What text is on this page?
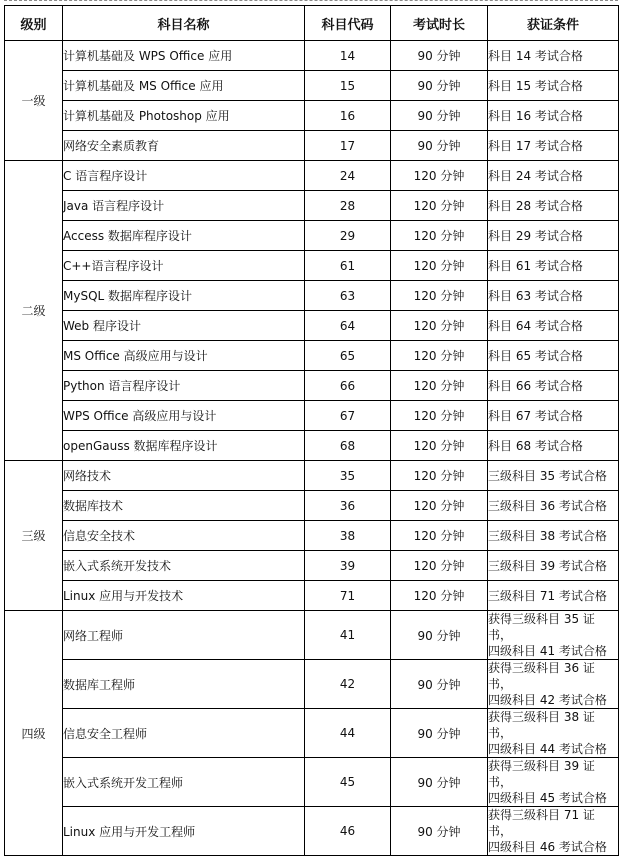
级别	科目名称	科目代码	考试时长	获证条件
一级	计算机基础及 WPS Office 应用	14	90 分钟	科目 14 考试合格

	计算机基础及 MS Office 应用	15	90 分钟	科目 15 考试合格

	计算机基础及 Photoshop 应用	16	90 分钟	科目 16 考试合格

	网络安全素质教育	17	90 分钟	科目 17 考试合格

二级	C 语言程序设计	24	120 分钟	科目 24 考试合格

	Java 语言程序设计	28	120 分钟	科目 28 考试合格

	Access 数据库程序设计	29	120 分钟	科目 29 考试合格

	C++语言程序设计	61	120 分钟	科目 61 考试合格

	MySQL 数据库程序设计	63	120 分钟	科目 63 考试合格

	Web 程序设计	64	120 分钟	科目 64 考试合格

	MS Office 高级应用与设计	65	120 分钟	科目 65 考试合格

	Python 语言程序设计	66	120 分钟	科目 66 考试合格

	WPS Office 高级应用与设计	67	120 分钟	科目 67 考试合格

	openGauss 数据库程序设计	68	120 分钟	科目 68 考试合格

三级	网络技术	35	120 分钟	三级科目 35 考试合格

	数据库技术	36	120 分钟	三级科目 36 考试合格

	信息安全技术	38	120 分钟	三级科目 38 考试合格

	嵌入式系统开发技术	39	120 分钟	三级科目 39 考试合格

	Linux 应用与开发技术	71	120 分钟	三级科目 71 考试合格

四级	网络工程师	41	90 分钟	获得三级科目 35 证书，
四级科目 41 考试合格

	数据库工程师	42	90 分钟	获得三级科目 36 证书，
四级科目 42 考试合格

	信息安全工程师	44	90 分钟	获得三级科目 38 证书，
四级科目 44 考试合格

	嵌入式系统开发工程师	45	90 分钟	获得三级科目 39 证书，
四级科目 45 考试合格

	Linux 应用与开发工程师	46	90 分钟	获得三级科目 71 证书，
四级科目 46 考试合格
